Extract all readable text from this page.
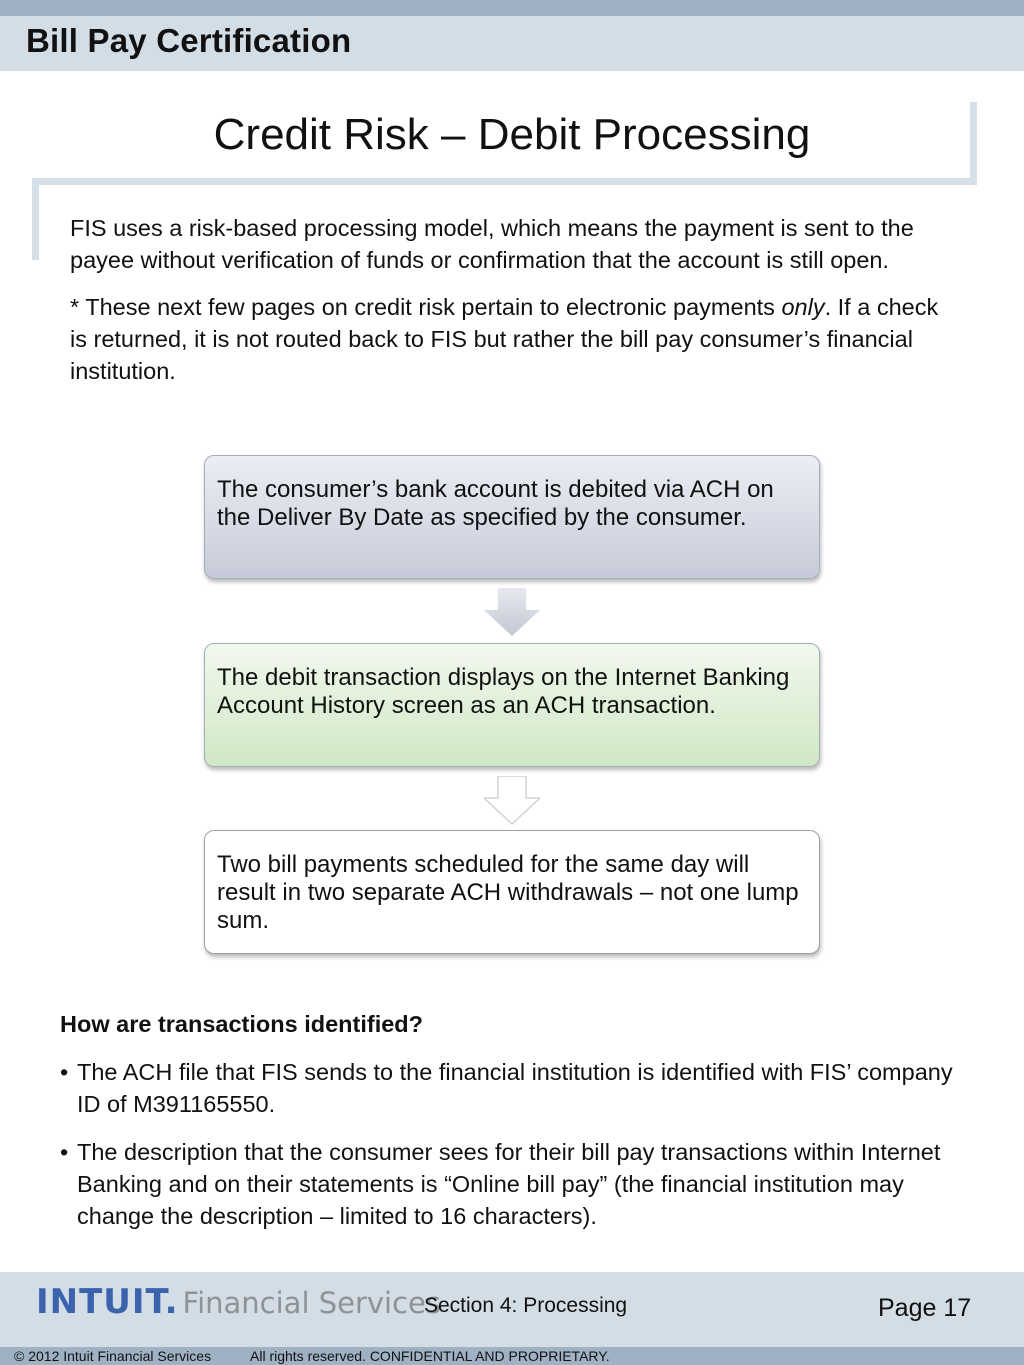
Bill Pay Certification
Credit Risk – Debit Processing

FIS uses a risk-based processing model, which means the payment is sent to the payee without verification of funds or confirmation that the account is still open.

* These next few pages on credit risk pertain to electronic payments only. If a check is returned, it is not routed back to FIS but rather the bill pay consumer’s financial institution.

The consumer’s bank account is debited via ACH on the Deliver By Date as specified by the consumer.
The debit transaction displays on the Internet Banking Account History screen as an ACH transaction.
Two bill payments scheduled for the same day will result in two separate ACH withdrawals – not one lump sum.
How are transactions identified?
• The ACH file that FIS sends to the financial institution is identified with FIS’ company ID of M391165550.
• The description that the consumer sees for their bill pay transactions within Internet Banking and on their statements is “Online bill pay” (the financial institution may change the description – limited to 16 characters).
INTUIT. Financial Services
Section 4: Processing	Page 17
© 2012 Intuit Financial Services	All rights reserved. CONFIDENTIAL AND PROPRIETARY.
